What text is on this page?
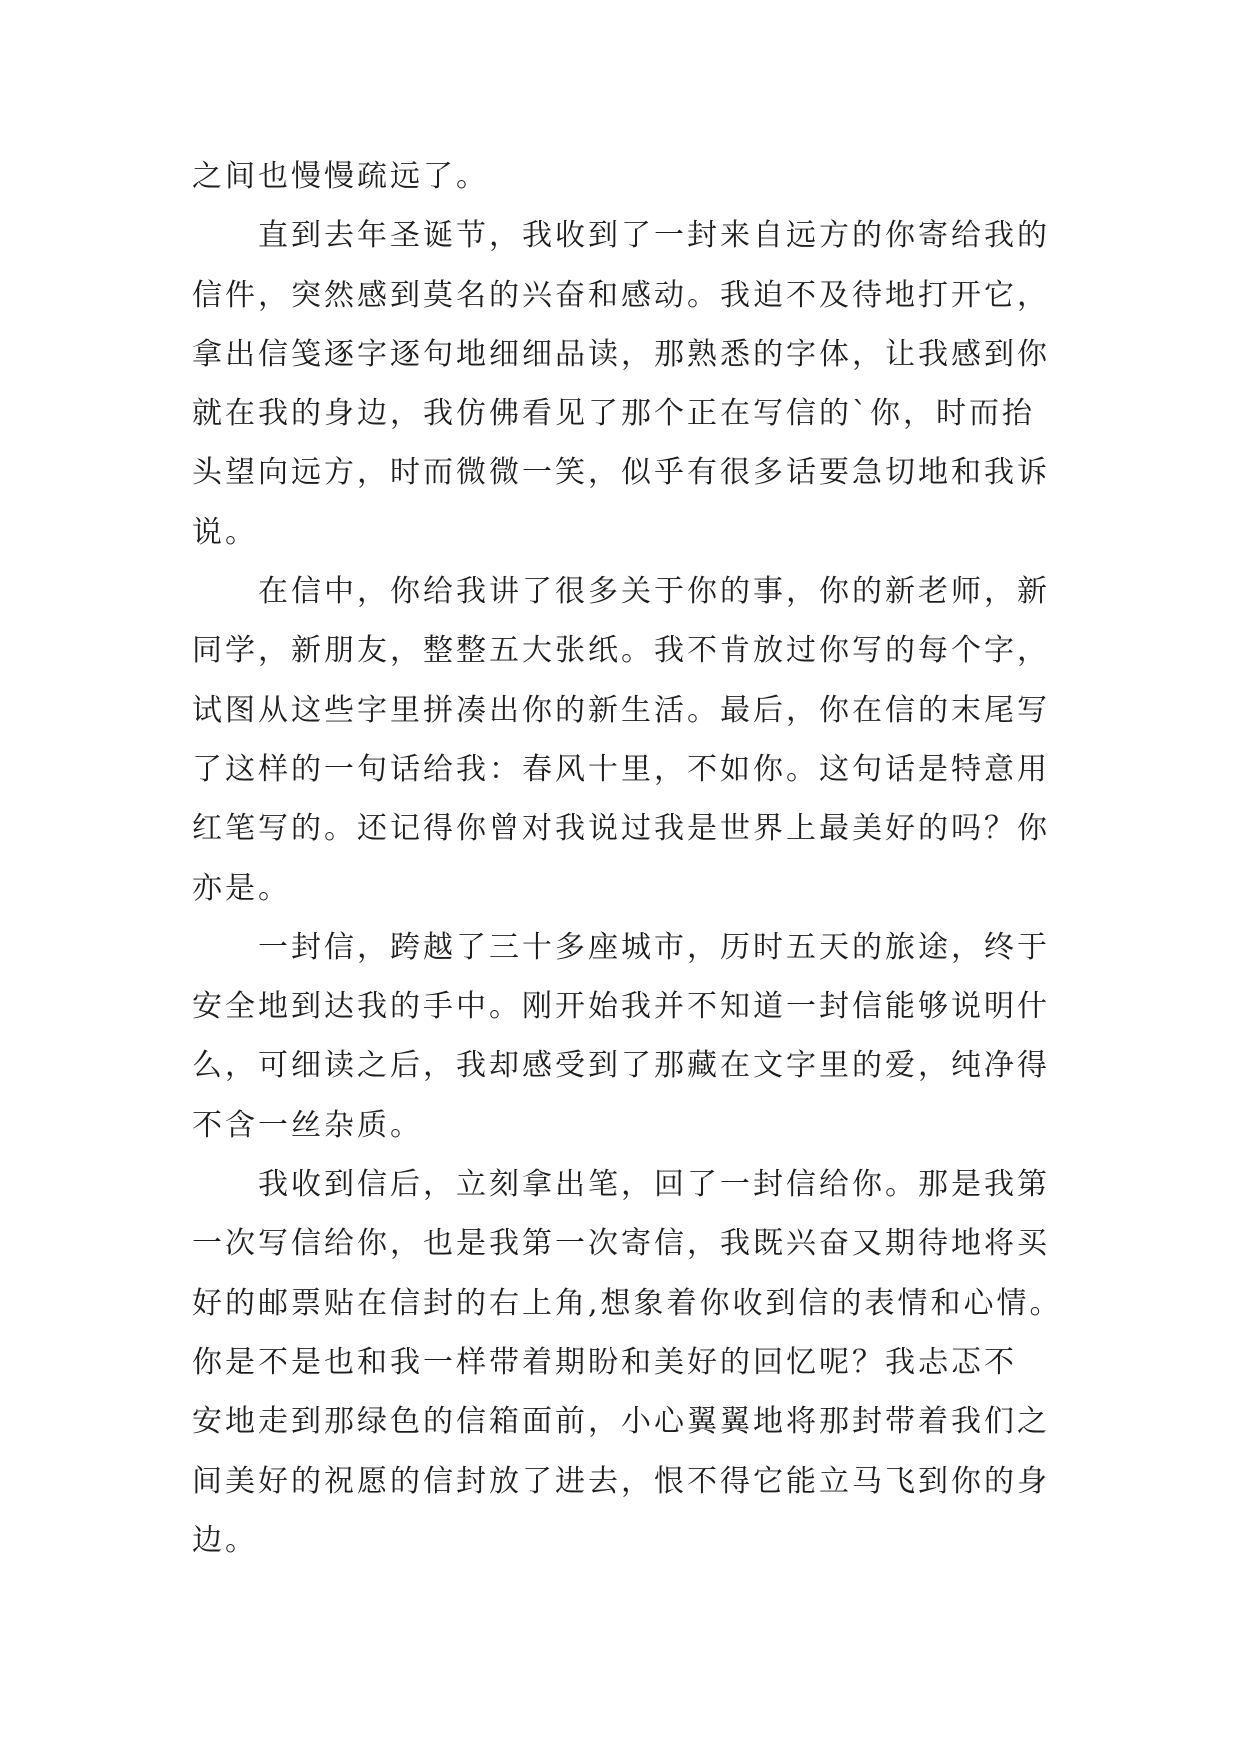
之间也慢慢疏远了。
直到去年圣诞节，我收到了一封来自远方的你寄给我的
信件，突然感到莫名的兴奋和感动。我迫不及待地打开它，
拿出信笺逐字逐句地细细品读，那熟悉的字体，让我感到你
就在我的身边，我仿佛看见了那个正在写信的`你，时而抬
头望向远方，时而微微一笑，似乎有很多话要急切地和我诉
说。
在信中，你给我讲了很多关于你的事，你的新老师，新
同学，新朋友，整整五大张纸。我不肯放过你写的每个字，
试图从这些字里拼凑出你的新生活。最后，你在信的末尾写
了这样的一句话给我：春风十里，不如你。这句话是特意用
红笔写的。还记得你曾对我说过我是世界上最美好的吗？你
亦是。
一封信，跨越了三十多座城市，历时五天的旅途，终于
安全地到达我的手中。刚开始我并不知道一封信能够说明什
么，可细读之后，我却感受到了那藏在文字里的爱，纯净得
不含一丝杂质。
我收到信后，立刻拿出笔，回了一封信给你。那是我第
一次写信给你，也是我第一次寄信，我既兴奋又期待地将买
好的邮票贴在信封的右上角,想象着你收到信的表情和心情。
你是不是也和我一样带着期盼和美好的回忆呢？我忐忑不
安地走到那绿色的信箱面前，小心翼翼地将那封带着我们之
间美好的祝愿的信封放了进去，恨不得它能立马飞到你的身
边。
